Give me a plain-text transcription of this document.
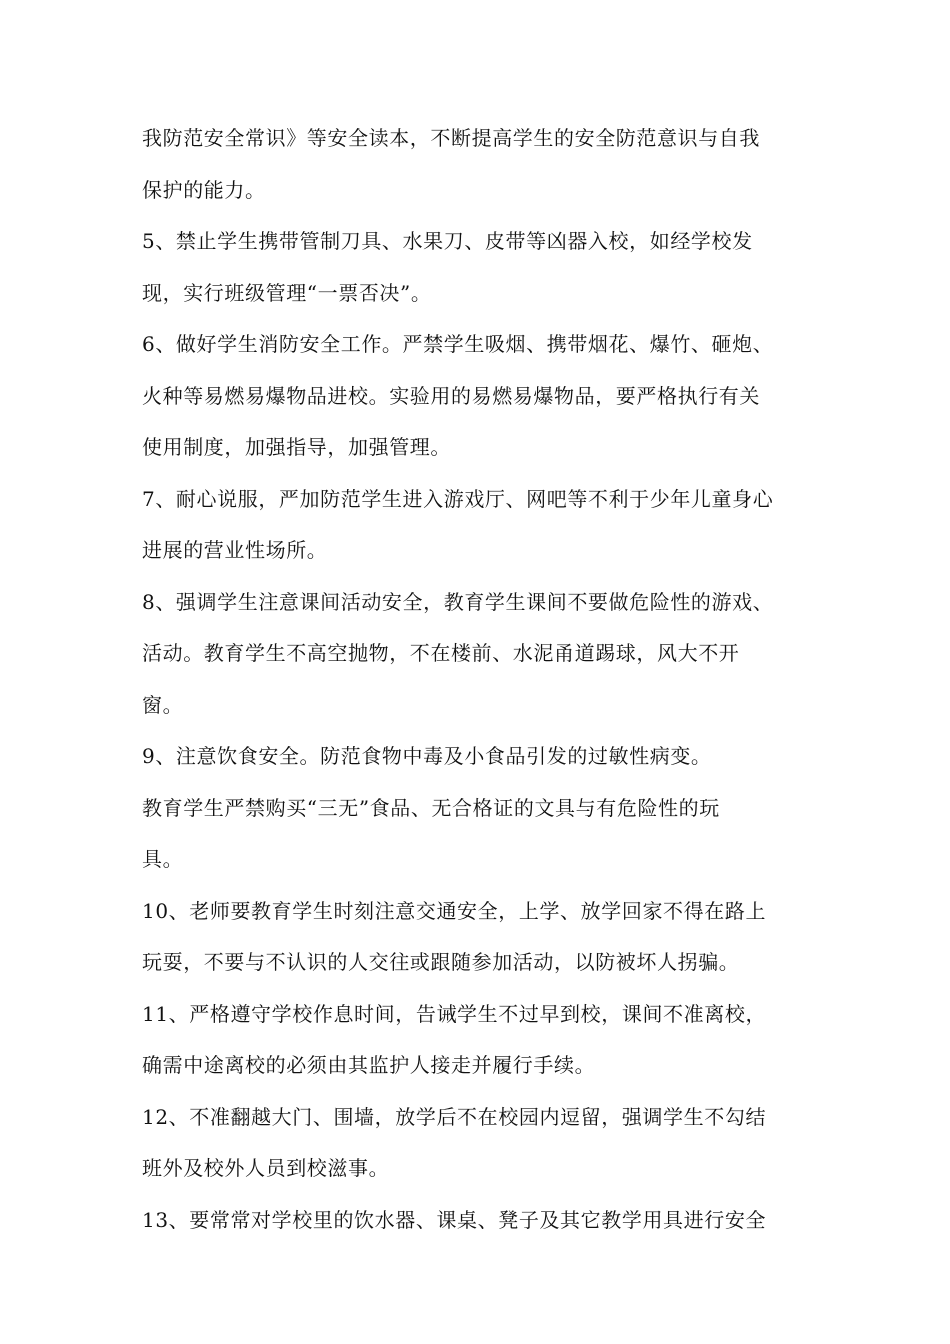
我防范安全常识》等安全读本，不断提高学生的安全防范意识与自我
保护的能力。
5、禁止学生携带管制刀具、水果刀、皮带等凶器入校，如经学校发
现，实行班级管理“一票否决”。
6、做好学生消防安全工作。严禁学生吸烟、携带烟花、爆竹、砸炮、
火种等易燃易爆物品进校。实验用的易燃易爆物品，要严格执行有关
使用制度，加强指导，加强管理。
7、耐心说服，严加防范学生进入游戏厅、网吧等不利于少年儿童身心
进展的营业性场所。
8、强调学生注意课间活动安全，教育学生课间不要做危险性的游戏、
活动。教育学生不高空抛物，不在楼前、水泥甬道踢球，风大不开
窗。
9、注意饮食安全。防范食物中毒及小食品引发的过敏性病变。
教育学生严禁购买“三无”食品、无合格证的文具与有危险性的玩
具。
10、老师要教育学生时刻注意交通安全，上学、放学回家不得在路上
玩耍，不要与不认识的人交往或跟随参加活动，以防被坏人拐骗。
11、严格遵守学校作息时间，告诫学生不过早到校，课间不准离校，
确需中途离校的必须由其监护人接走并履行手续。
12、不准翻越大门、围墙，放学后不在校园内逗留，强调学生不勾结
班外及校外人员到校滋事。
13、要常常对学校里的饮水器、课桌、凳子及其它教学用具进行安全
